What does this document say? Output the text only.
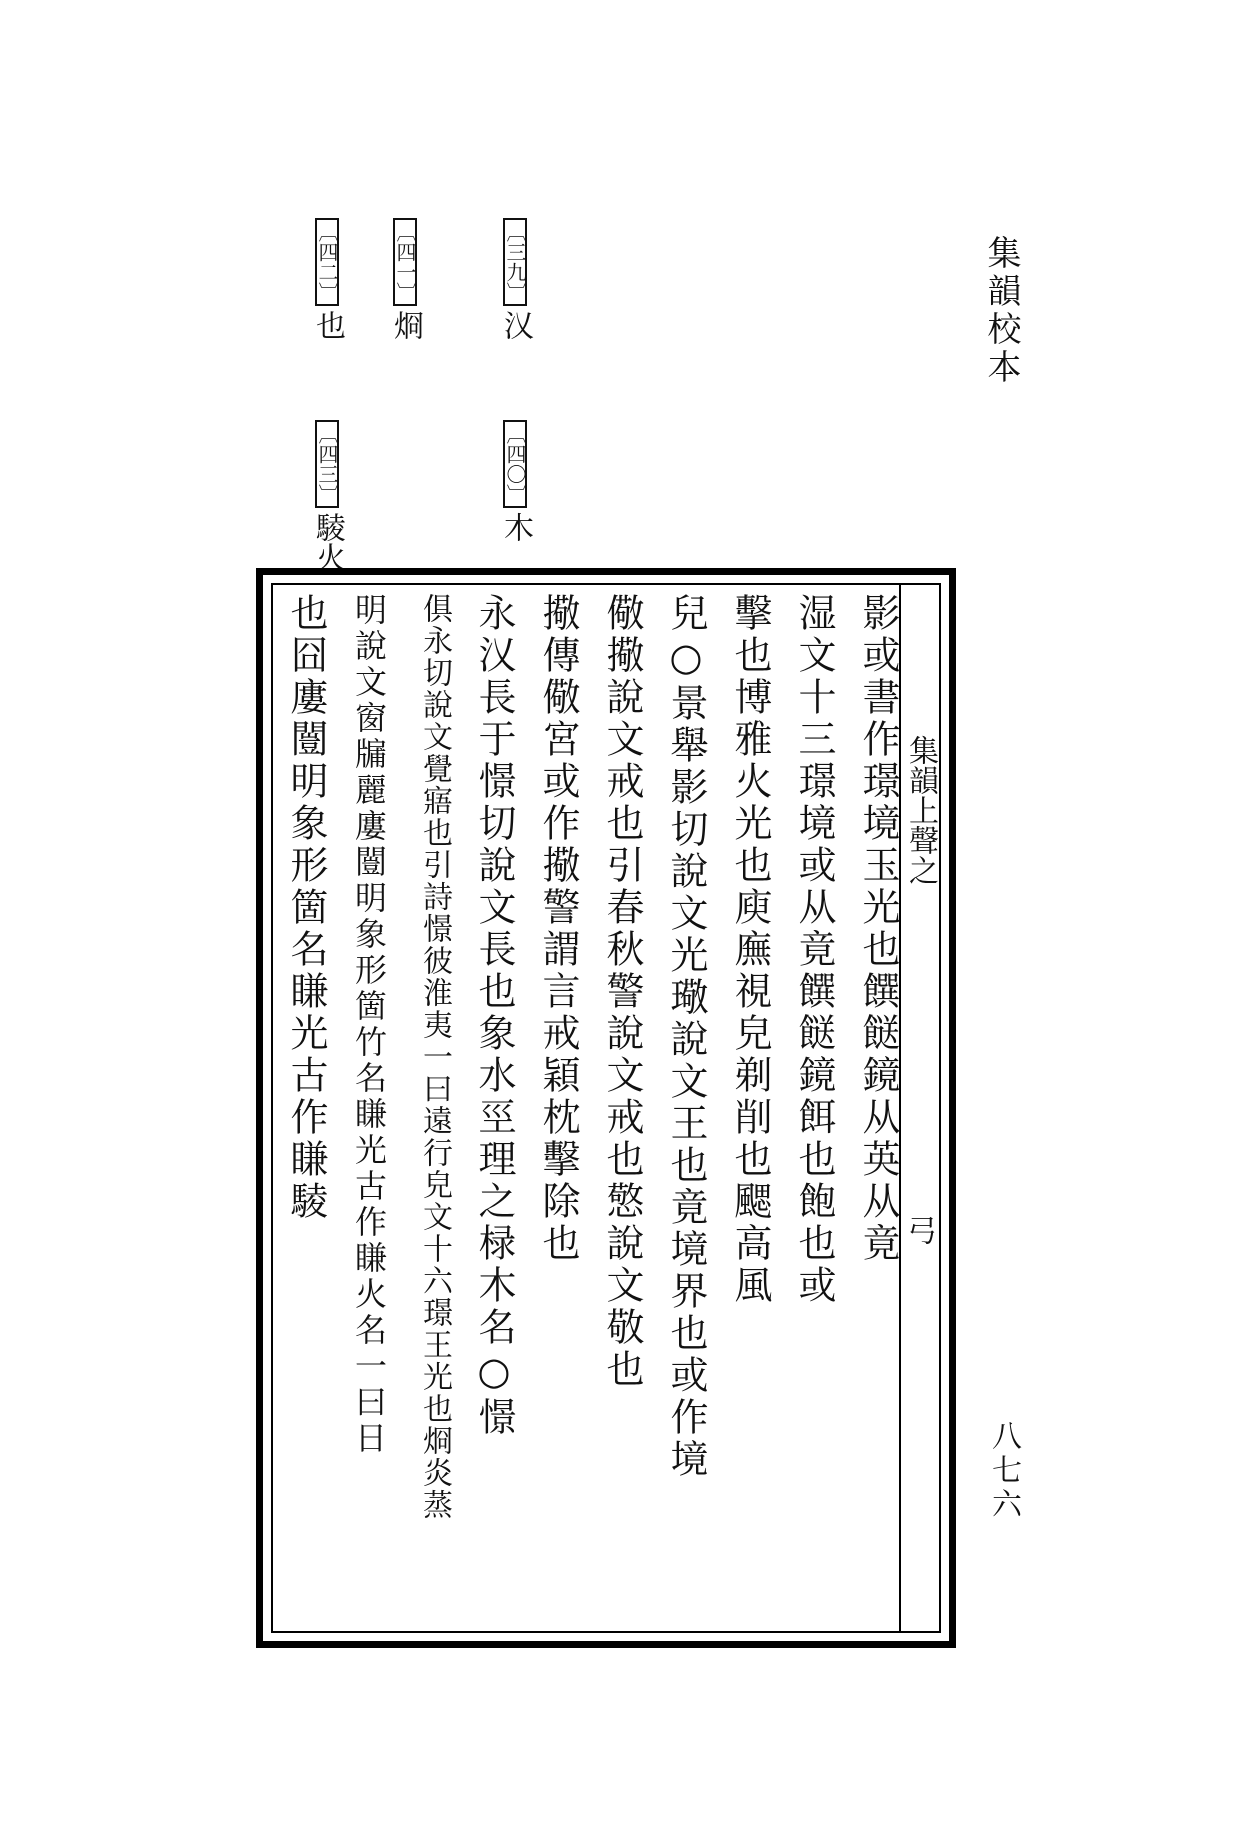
集韻校本
八七六
〔三九〕㲼
〔四〇〕木
〔四一〕烱
〔四二〕也
〔四三〕䮚火
集韻上聲之
弓
影或書作璟境玉光也饌餸鏡从英从竟
湿文十三璟境或从竟饌餸鏡餌也飽也或
擊也博雅火光也庾廡視皃剃削也颸高風
兒○景舉影切說文光璥說文王也竟境界也或作境
儆擏說文戒也引春秋警說文戒也憼說文敬也
擏傳儆宮或作擏警謂言戒穎枕擊除也
永㲼長于憬切說文長也象水巠理之椂木名○憬
俱永切說文覺寤也引詩憬彼淮夷一曰遠行皃文十六璟王光也烱炎蒸
明說文窗牖麗廔闓明象形箇竹名䁠光古作䁠火名一曰日
也囧廔闓明象形箇名䁠光古作䁠䮚
